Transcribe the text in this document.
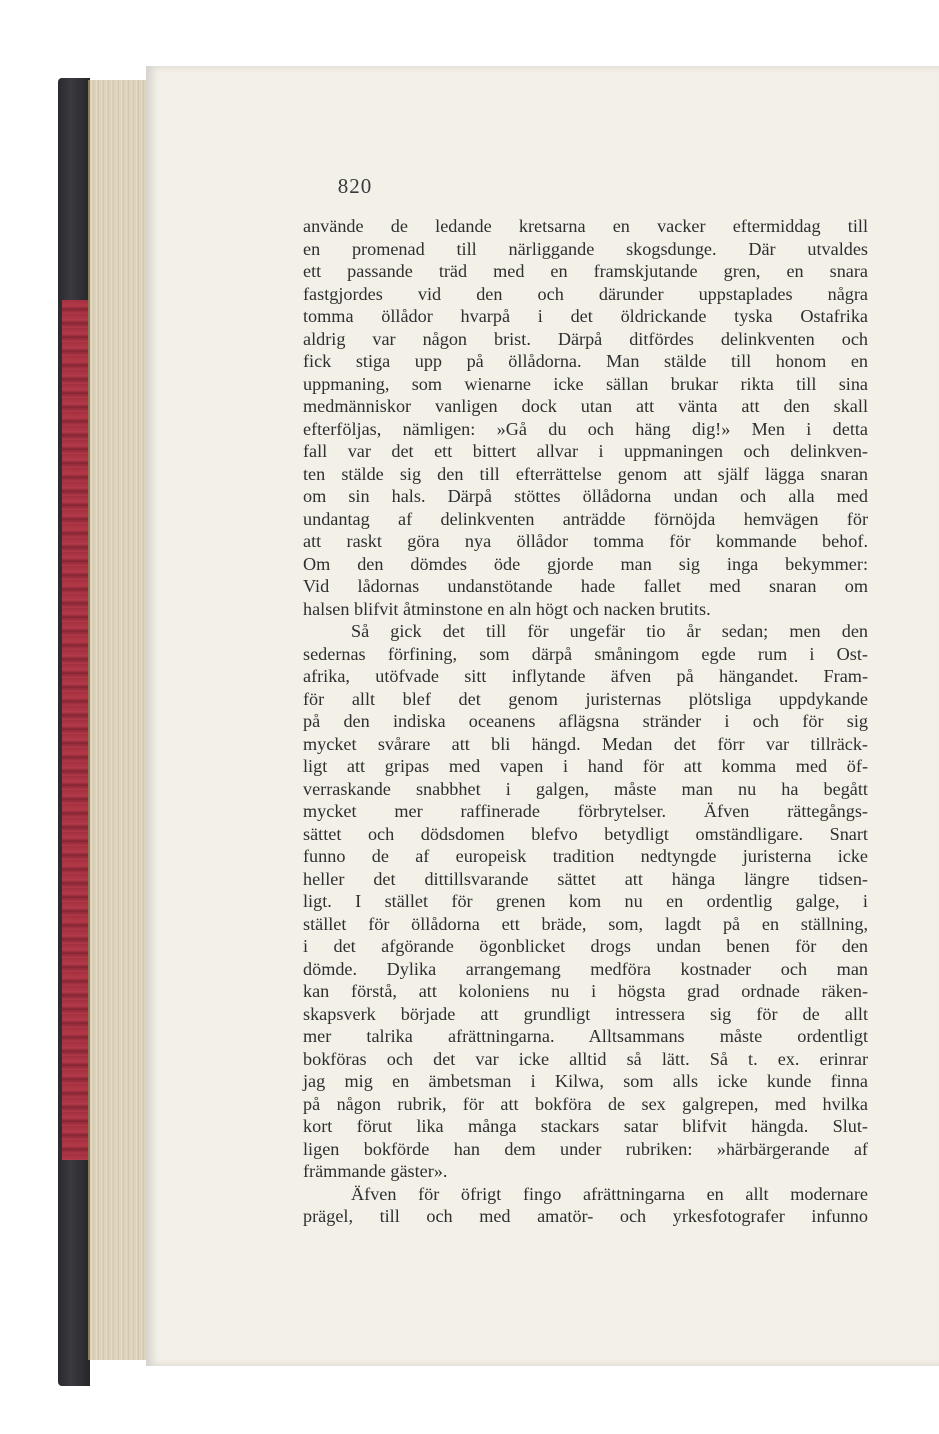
820
använde de ledande kretsarna en vacker eftermiddag till
en promenad till närliggande skogsdunge. Där utvaldes
ett passande träd med en framskjutande gren, en snara
fastgjordes vid den och därunder uppstaplades några
tomma öllådor hvarpå i det öldrickande tyska Ostafrika
aldrig var någon brist. Därpå ditfördes delinkventen och
fick stiga upp på öllådorna. Man stälde till honom en
uppmaning, som wienarne icke sällan brukar rikta till sina
medmänniskor vanligen dock utan att vänta att den skall
efterföljas, nämligen: »Gå du och häng dig!» Men i detta
fall var det ett bittert allvar i uppmaningen och delinkven-
ten stälde sig den till efterrättelse genom att själf lägga snaran
om sin hals. Därpå stöttes öllådorna undan och alla med
undantag af delinkventen anträdde förnöjda hemvägen för
att raskt göra nya öllådor tomma för kommande behof.
Om den dömdes öde gjorde man sig inga bekymmer:
Vid lådornas undanstötande hade fallet med snaran om
halsen blifvit åtminstone en aln högt och nacken brutits.
Så gick det till för ungefär tio år sedan; men den
sedernas förfining, som därpå småningom egde rum i Ost-
afrika, utöfvade sitt inflytande äfven på hängandet. Fram-
för allt blef det genom juristernas plötsliga uppdykande
på den indiska oceanens aflägsna stränder i och för sig
mycket svårare att bli hängd. Medan det förr var tillräck-
ligt att gripas med vapen i hand för att komma med öf-
verraskande snabbhet i galgen, måste man nu ha begått
mycket mer raffinerade förbrytelser. Äfven rättegångs-
sättet och dödsdomen blefvo betydligt omständligare. Snart
funno de af europeisk tradition nedtyngde juristerna icke
heller det dittillsvarande sättet att hänga längre tidsen-
ligt. I stället för grenen kom nu en ordentlig galge, i
stället för öllådorna ett bräde, som, lagdt på en ställning,
i det afgörande ögonblicket drogs undan benen för den
dömde. Dylika arrangemang medföra kostnader och man
kan förstå, att koloniens nu i högsta grad ordnade räken-
skapsverk började att grundligt intressera sig för de allt
mer talrika afrättningarna. Alltsammans måste ordentligt
bokföras och det var icke alltid så lätt. Så t. ex. erinrar
jag mig en ämbetsman i Kilwa, som alls icke kunde finna
på någon rubrik, för att bokföra de sex galgrepen, med hvilka
kort förut lika många stackars satar blifvit hängda. Slut-
ligen bokförde han dem under rubriken: »härbärgerande af
främmande gäster».
Äfven för öfrigt fingo afrättningarna en allt modernare
prägel, till och med amatör- och yrkesfotografer infunno
